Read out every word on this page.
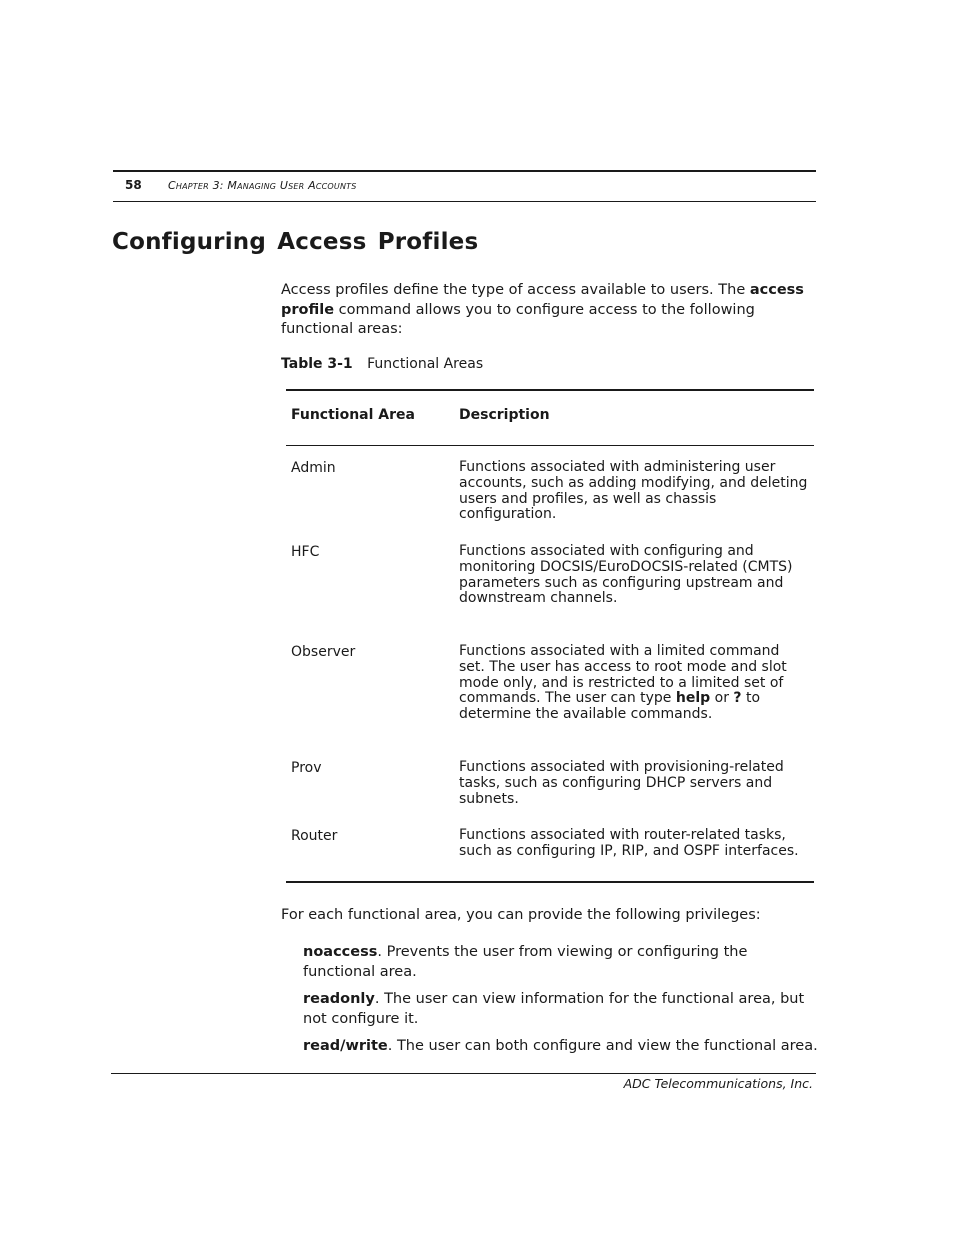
58 Chapter 3: Managing User Accounts
Configuring Access Profiles

Access profiles define the type of access available to users. The access profile command allows you to configure access to the following functional areas:

Table 3-1 Functional Areas
Functional Area	Description
Admin	Functions associated with administering user accounts, such as adding modifying, and deleting users and profiles, as well as chassis configuration.
HFC	Functions associated with configuring and monitoring DOCSIS/EuroDOCSIS-related (CMTS) parameters such as configuring upstream and downstream channels.
Observer	Functions associated with a limited command set. The user has access to root mode and slot mode only, and is restricted to a limited set of commands. The user can type help or ? to determine the available commands.
Prov	Functions associated with provisioning-related tasks, such as configuring DHCP servers and subnets.
Router	Functions associated with router-related tasks, such as configuring IP, RIP, and OSPF interfaces.

For each functional area, you can provide the following privileges:

noaccess. Prevents the user from viewing or configuring the functional area.

readonly. The user can view information for the functional area, but not configure it.

read/write. The user can both configure and view the functional area.

ADC Telecommunications, Inc.
